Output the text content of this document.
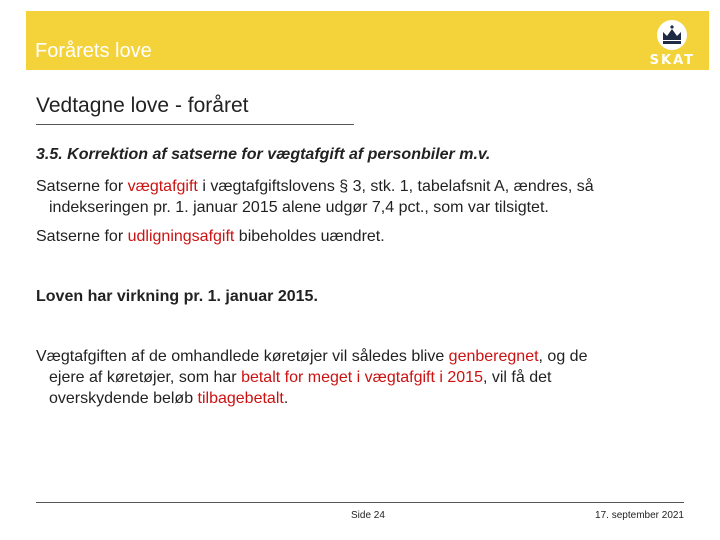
Forårets love	SKAT
Vedtagne love - foråret
3.5. Korrektion af satserne for vægtafgift af personbiler m.v.
Satserne for vægtafgift i vægtafgiftslovens § 3, stk. 1, tabelafsnit A, ændres, så
indekseringen pr. 1. januar 2015 alene udgør 7,4 pct., som var tilsigtet.
Satserne for udligningsafgift bibeholdes uændret.
Loven har virkning pr. 1. januar 2015.
Vægtafgiften af de omhandlede køretøjer vil således blive genberegnet, og de
ejere af køretøjer, som har betalt for meget i vægtafgift i 2015, vil få det
overskydende beløb tilbagebetalt.
Side 24	17. september 2021
